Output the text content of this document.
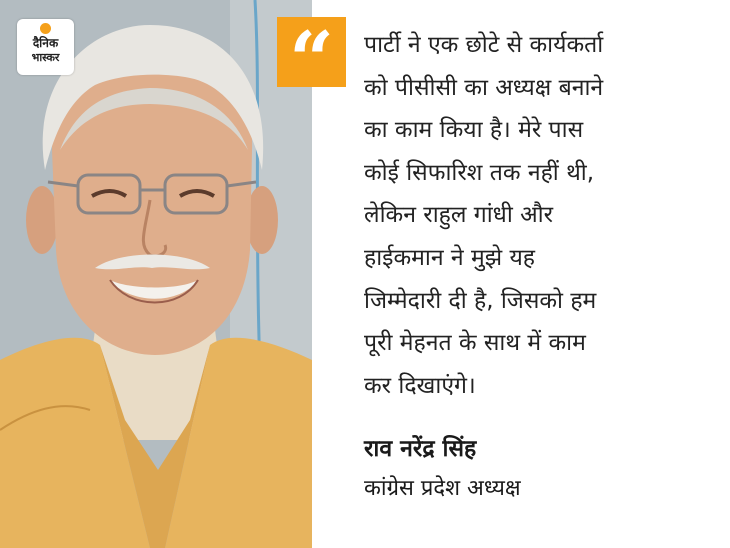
दैनिक
भास्कर	“	पार्टी ने एक छोटे से कार्यकर्ता
को पीसीसी का अध्यक्ष बनाने
का काम किया है। मेरे पास
कोई सिफारिश तक नहीं थी,
लेकिन राहुल गांधी और
हाईकमान ने मुझे यह
जिम्मेदारी दी है, जिसको हम
पूरी मेहनत के साथ में काम
कर दिखाएंगे।
राव नरेंद्र सिंह
कांग्रेस प्रदेश अध्यक्ष
